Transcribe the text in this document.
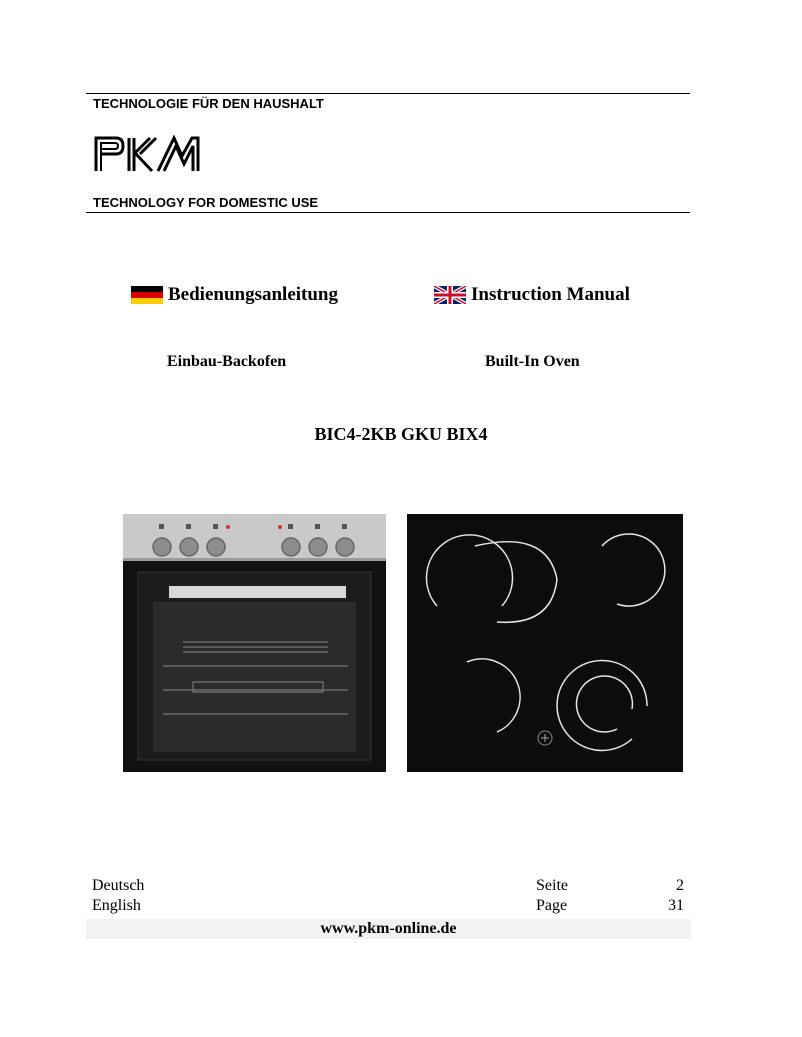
TECHNOLOGIE FÜR DEN HAUSHALT
TECHNOLOGY FOR DOMESTIC USE
Bedienungsanleitung	Instruction Manual
Einbau-Backofen	Built-In Oven
BIC4-2KB GKU BIX4
Deutsch	Seite	2
English	Page	31
www.pkm-online.de
